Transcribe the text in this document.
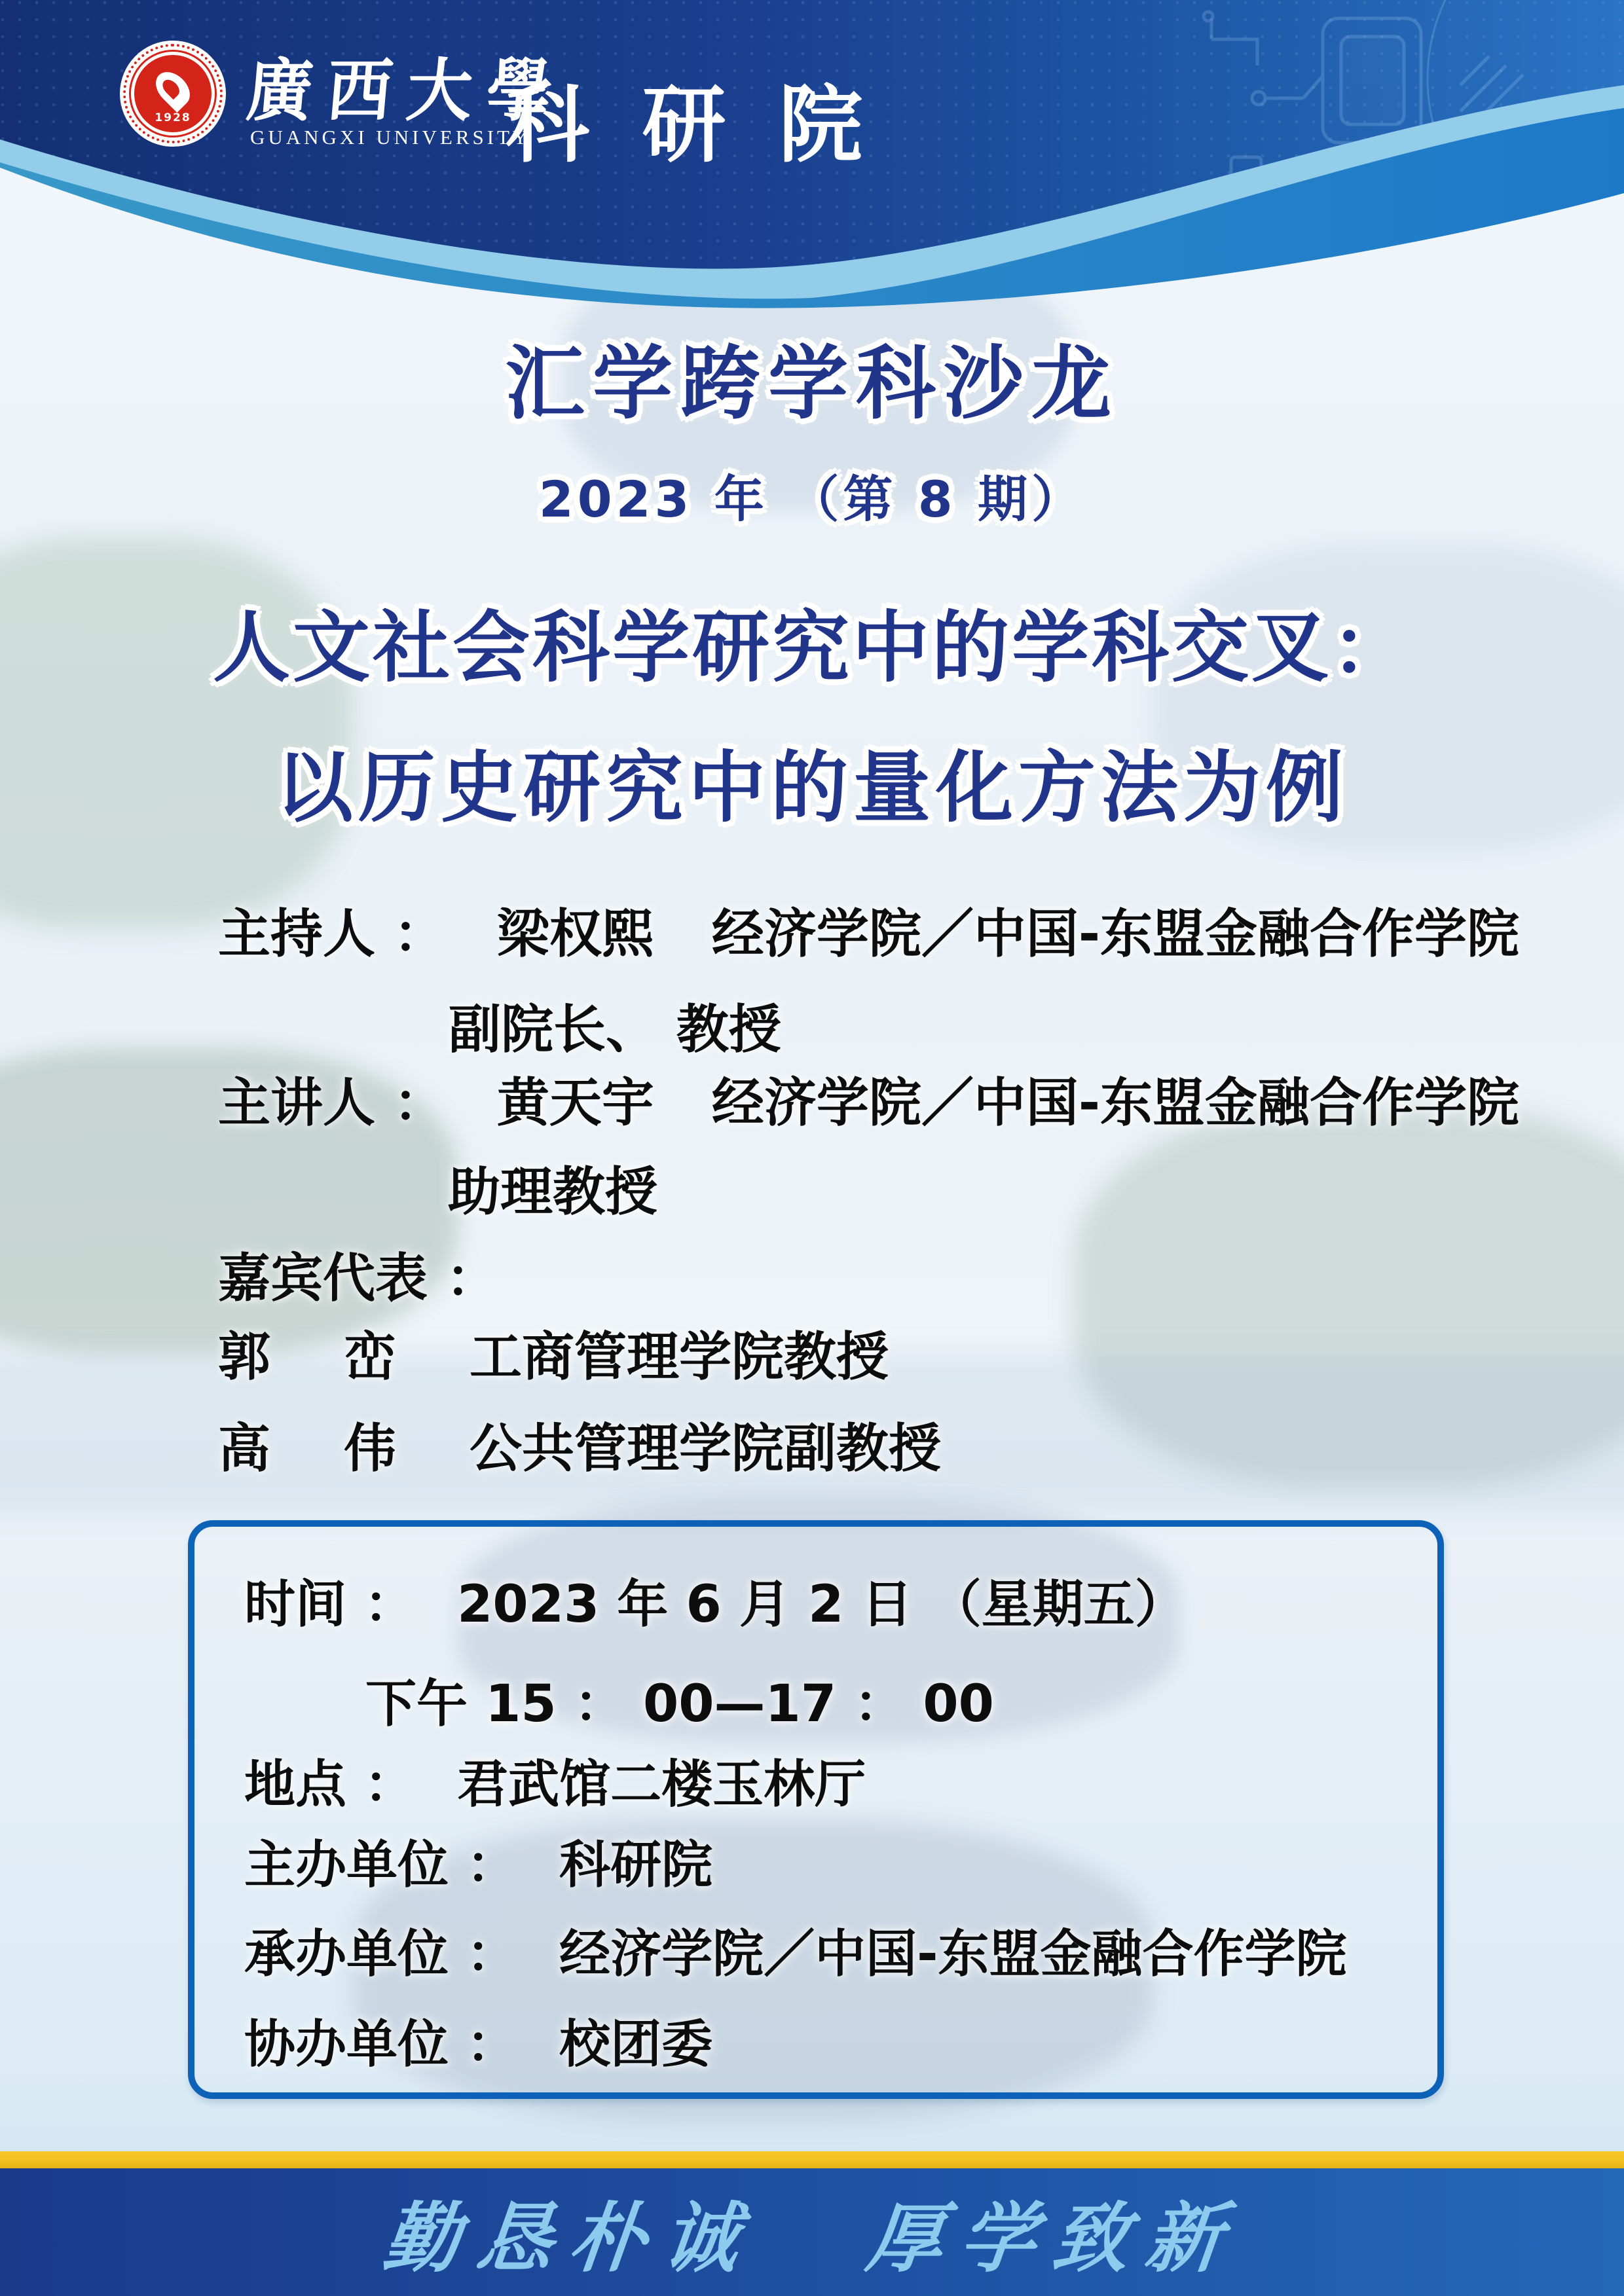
1928 廣西大學
GUANGXI UNIVERSITY
科 研 院
汇学跨学科沙龙
2023 年 （第 8 期）
人文社会科学研究中的学科交叉：
以历史研究中的量化方法为例
主持人 ： 梁权熙 经济学院／中国-东盟金融合作学院
副院长、 教授
主讲人 ： 黄天宇 经济学院／中国-东盟金融合作学院
助理教授
嘉宾代表 ：
郭 峦 工商管理学院教授
高 伟 公共管理学院副教授
时间 ： 2023 年 6 月 2 日 （星期五）
下午 15 ： 00—17 ： 00
地点 ： 君武馆二楼玉林厅
主办单位 ： 科研院
承办单位 ： 经济学院／中国-东盟金融合作学院
协办单位 ： 校团委
勤恳朴诚 厚学致新
